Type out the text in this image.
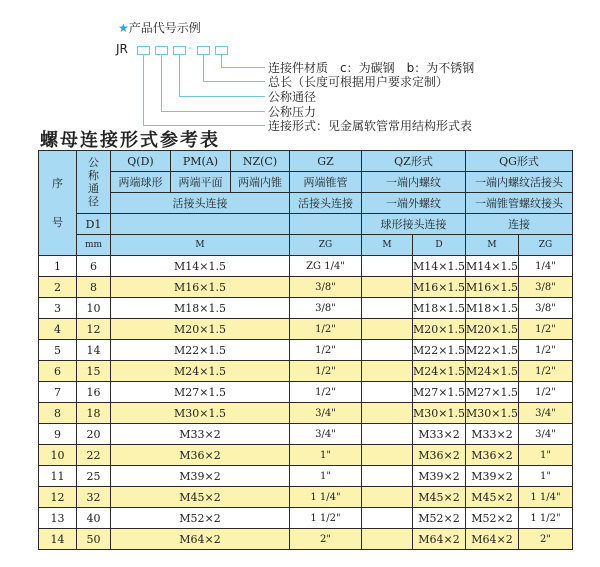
★产品代号示例
JR	-
连接件材质　c：为碳钢　b：为不锈钢
总长（长度可根据用户要求定制）
公称通径
公称压力
连接形式：见金属软管常用结构形式表
螺母连接形式参考表
序

号	公称通径	Q(D)	PM(A)	NZ(C)	GZ	QZ形式		QG形式	
		两端球形	两端平面	两端内锥	两端锥管	一端内螺纹		一端内螺纹活接头	
		活接头连接			活接头连接	一端外螺纹		一端锥管螺纹接头	
	D1					球形接头连接		连接	
	mm	M			ZG	M	D	M	ZG
1	6	M14×1.5			ZG 1/4"		M14×1.5	M14×1.5	1/4"
2	8	M16×1.5			3/8"		M16×1.5	M16×1.5	3/8"
3	10	M18×1.5			3/8"		M18×1.5	M18×1.5	3/8"
4	12	M20×1.5			1/2"		M20×1.5	M20×1.5	1/2"
5	14	M22×1.5			1/2"		M22×1.5	M22×1.5	1/2"
6	15	M24×1.5			1/2"		M24×1.5	M24×1.5	1/2"
7	16	M27×1.5			1/2"		M27×1.5	M27×1.5	1/2"
8	18	M30×1.5			3/4"		M30×1.5	M30×1.5	3/4"
9	20	M33×2			3/4"		M33×2	M33×2	3/4"
10	22	M36×2			1"		M36×2	M36×2	1"
11	25	M39×2			1"		M39×2	M39×2	1"
12	32	M45×2			1 1/4"		M45×2	M45×2	1 1/4"
13	40	M52×2			1 1/2"		M52×2	M52×2	1 1/2"
14	50	M64×2			2"		M64×2	M64×2	2"
